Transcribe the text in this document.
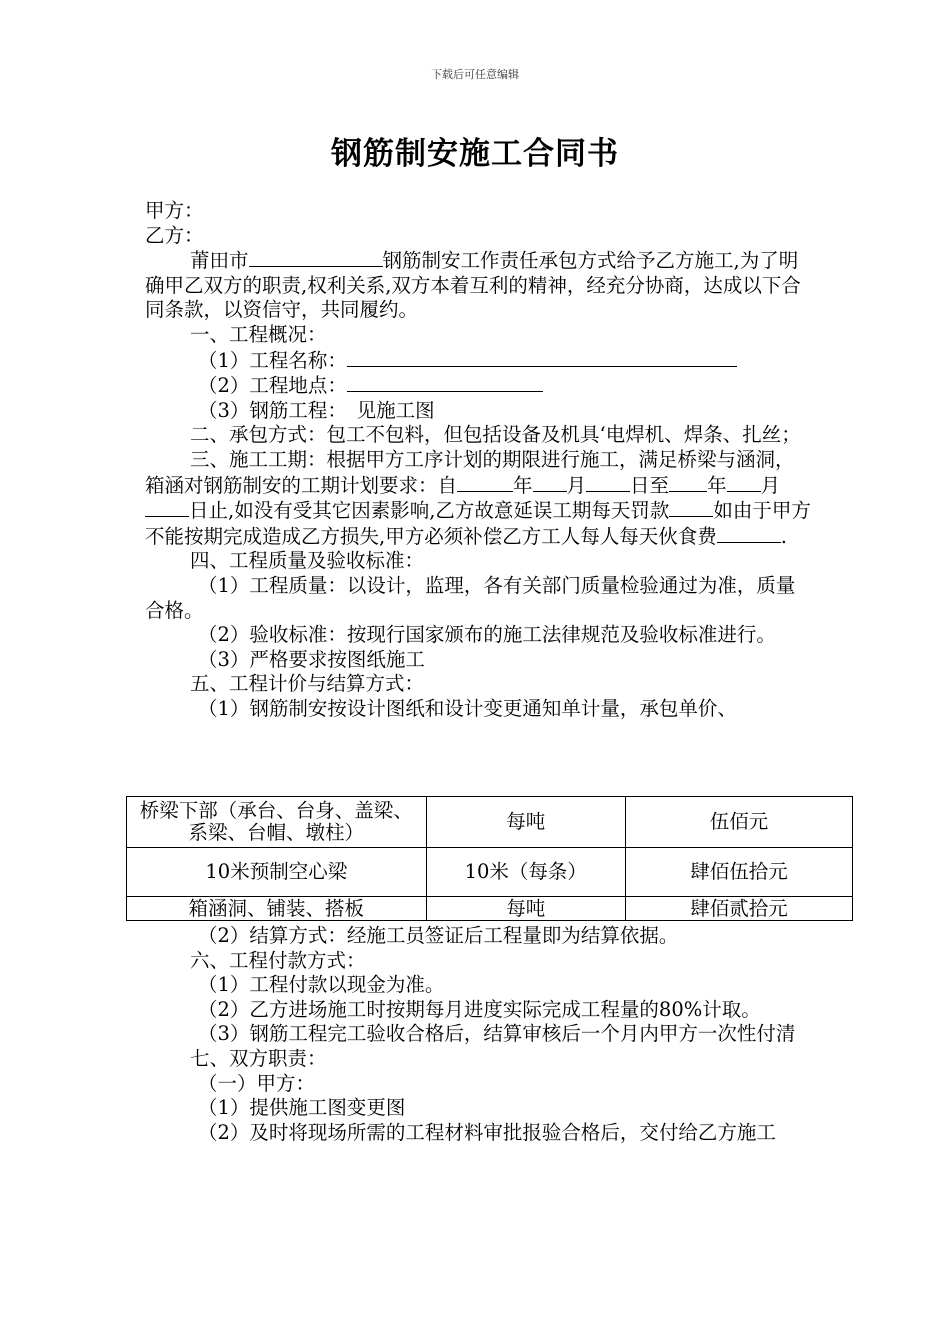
下载后可任意编辑
钢筋制安施工合同书

甲方：

乙方：

莆田市	钢筋制安工作责任承包方式给予乙方施工,为了明确甲乙双方的职责,权利关系,双方本着互利的精神，经充分协商，达成以下合同条款，以资信守，共同履约。

一、工程概况：

（1）工程名称：

（2）工程地点：

（3）钢筋工程：　见施工图

二、承包方式：包工不包料，但包括设备及机具‘电焊机、焊条、扎丝；

三、施工工期：根据甲方工序计划的期限进行施工，满足桥梁与涵洞，箱涵对钢筋制安的工期计划要求：自	年 月 日至 年 月日止,如没有受其它因素影响,乙方故意延误工期每天罚款 如由于甲方不能按期完成造成乙方损失,甲方必须补偿乙方工人每人每天伙食费	.

四、工程质量及验收标准：

（1）工程质量：以设计，监理，各有关部门质量检验通过为准，质量合格。

（2）验收标准：按现行国家颁布的施工法律规范及验收标准进行。

（3）严格要求按图纸施工

五、工程计价与结算方式：

（1）钢筋制安按设计图纸和设计变更通知单计量，承包单价、

桥梁下部（承台、台身、盖梁、系梁、台帽、墩柱）	每吨	伍佰元
10米预制空心梁	10米（每条）	肆佰伍拾元
箱涵洞、铺装、搭板	每吨	肆佰贰拾元

（2）结算方式：经施工员签证后工程量即为结算依据。

六、工程付款方式：

（1）工程付款以现金为准。

（2）乙方进场施工时按期每月进度实际完成工程量的80%计取。

（3）钢筋工程完工验收合格后，结算审核后一个月内甲方一次性付清

七、双方职责：

（一）甲方：

（1）提供施工图变更图

（2）及时将现场所需的工程材料审批报验合格后，交付给乙方施工
